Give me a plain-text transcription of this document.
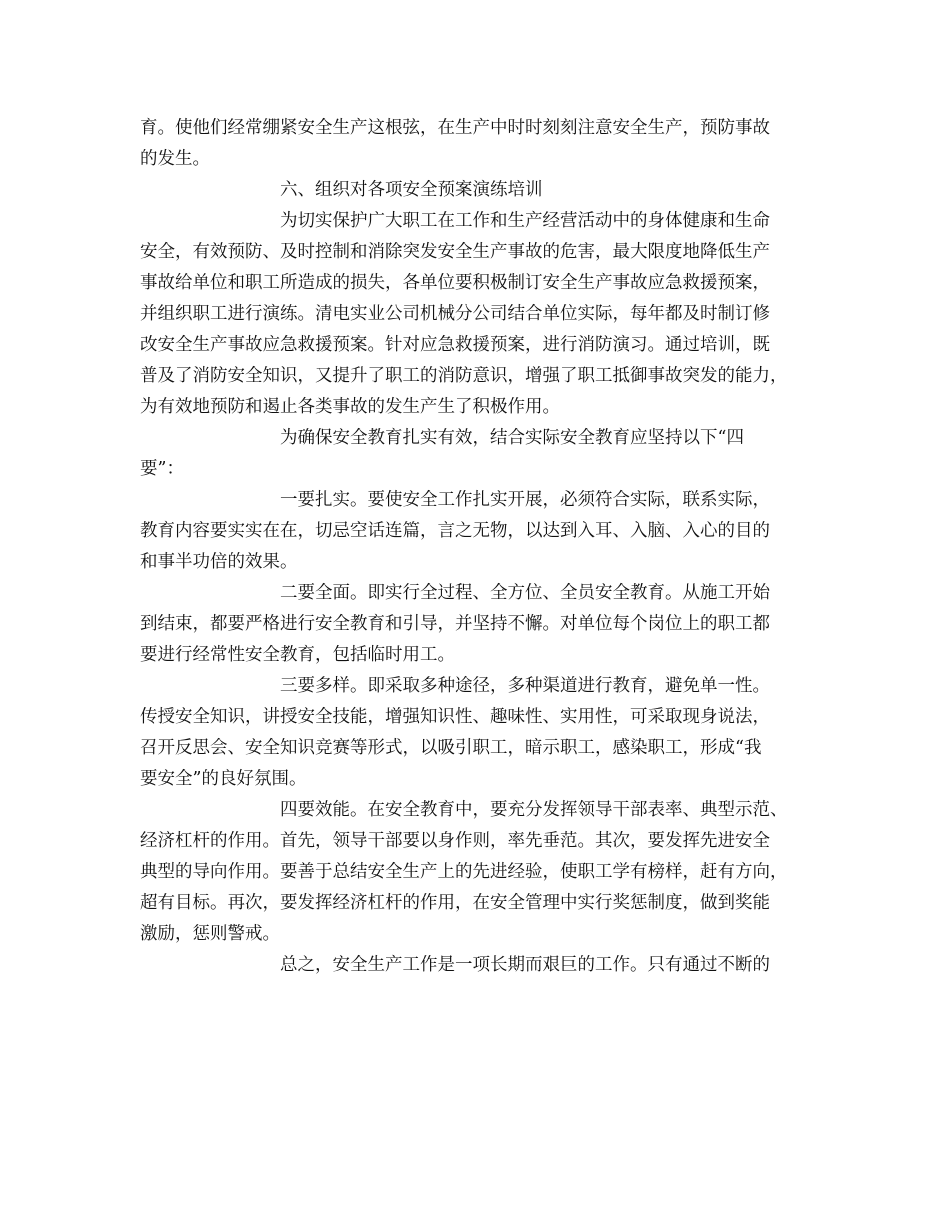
育。使他们经常绷紧安全生产这根弦，在生产中时时刻刻注意安全生产，预防事故
的发生。
六、组织对各项安全预案演练培训
为切实保护广大职工在工作和生产经营活动中的身体健康和生命
安全，有效预防、及时控制和消除突发安全生产事故的危害，最大限度地降低生产
事故给单位和职工所造成的损失，各单位要积极制订安全生产事故应急救援预案，
并组织职工进行演练。清电实业公司机械分公司结合单位实际，每年都及时制订修
改安全生产事故应急救援预案。针对应急救援预案，进行消防演习。通过培训，既
普及了消防安全知识，又提升了职工的消防意识，增强了职工抵御事故突发的能力，
为有效地预防和遏止各类事故的发生产生了积极作用。
为确保安全教育扎实有效，结合实际安全教育应坚持以下“四
要”：
一要扎实。要使安全工作扎实开展，必须符合实际，联系实际，
教育内容要实实在在，切忌空话连篇，言之无物，以达到入耳、入脑、入心的目的
和事半功倍的效果。
二要全面。即实行全过程、全方位、全员安全教育。从施工开始
到结束，都要严格进行安全教育和引导，并坚持不懈。对单位每个岗位上的职工都
要进行经常性安全教育，包括临时用工。
三要多样。即采取多种途径，多种渠道进行教育，避免单一性。
传授安全知识，讲授安全技能，增强知识性、趣味性、实用性，可采取现身说法，
召开反思会、安全知识竞赛等形式，以吸引职工，暗示职工，感染职工，形成“我
要安全”的良好氛围。
四要效能。在安全教育中，要充分发挥领导干部表率、典型示范、
经济杠杆的作用。首先，领导干部要以身作则，率先垂范。其次，要发挥先进安全
典型的导向作用。要善于总结安全生产上的先进经验，使职工学有榜样，赶有方向，
超有目标。再次，要发挥经济杠杆的作用，在安全管理中实行奖惩制度，做到奖能
激励，惩则警戒。
总之，安全生产工作是一项长期而艰巨的工作。只有通过不断的
